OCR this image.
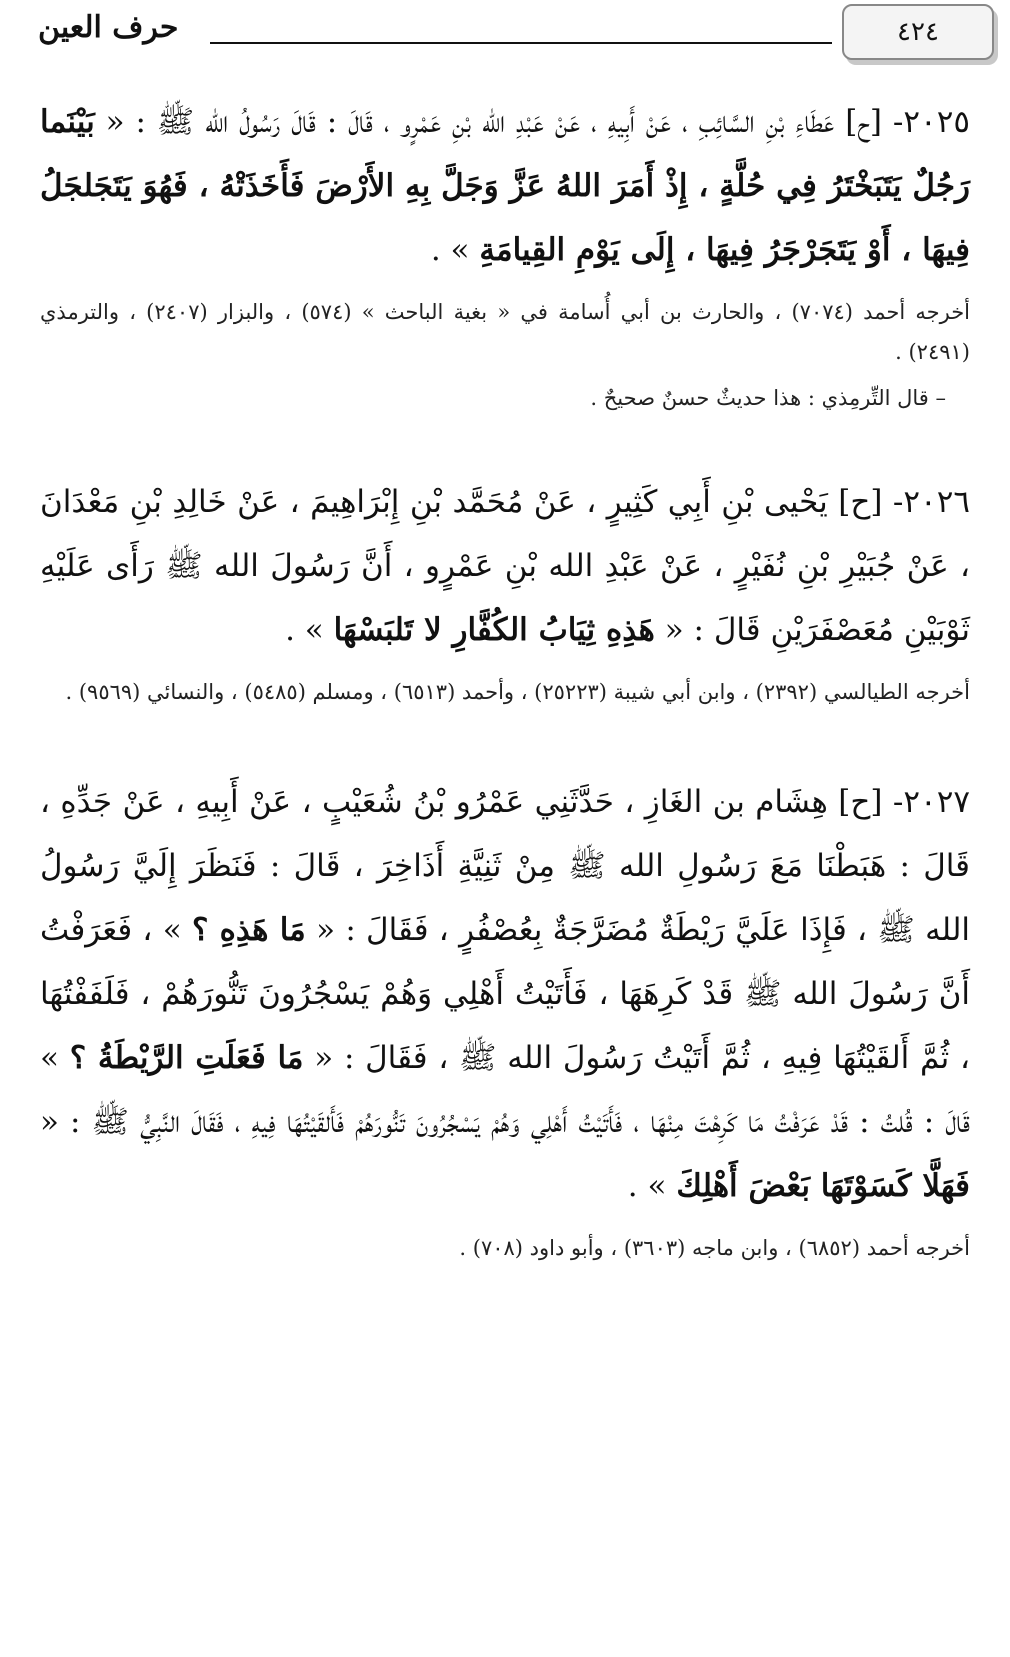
٤٢٤
حرف العين

٢٠٢٥- [ح] عَطَاءِ بْنِ السَّائِبِ ، عَنْ أَبِيهِ ، عَنْ عَبْدِ الله بْنِ عَمْرٍو ، قَالَ : قَالَ رَسُولُ الله ﷺ : « بَيْنَما رَجُلٌ يَتَبَخْتَرُ فِي حُلَّةٍ ، إِذْ أَمَرَ اللهُ عَزَّ وَجَلَّ بِهِ الأَرْضَ فَأَخَذَتْهُ ، فَهُوَ يَتَجَلجَلُ فِيهَا ، أَوْ يَتَجَرْجَرُ فِيهَا ، إِلَى يَوْمِ القِيامَةِ » .

أخرجه أحمد (٧٠٧٤) ، والحارث بن أبي أُسامة في « بغية الباحث » (٥٧٤) ، والبزار (٢٤٠٧) ، والترمذي (٢٤٩١) .

– قال التِّرمِذي : هذا حديثٌ حسنٌ صحيحٌ .

٢٠٢٦- [ح] يَحْيى بْنِ أَبِي كَثِيرٍ ، عَنْ مُحَمَّد بْنِ إِبْرَاهِيمَ ، عَنْ خَالِدِ بْنِ مَعْدَانَ ، عَنْ جُبَيْرِ بْنِ نُفَيْرٍ ، عَنْ عَبْدِ الله بْنِ عَمْرٍو ، أَنَّ رَسُولَ الله ﷺ رَأَى عَلَيْهِ ثَوْبَيْنِ مُعَصْفَرَيْنِ قَالَ : « هَذِهِ ثِيَابُ الكُفَّارِ لا تَلبَسْهَا » .

أخرجه الطيالسي (٢٣٩٢) ، وابن أبي شيبة (٢٥٢٢٣) ، وأحمد (٦٥١٣) ، ومسلم (٥٤٨٥) ، والنسائي (٩٥٦٩) .

٢٠٢٧- [ح] هِشَام بن الغَازِ ، حَدَّثَنِي عَمْرُو بْنُ شُعَيْبٍ ، عَنْ أَبِيهِ ، عَنْ جَدِّهِ ، قَالَ : هَبَطْنَا مَعَ رَسُولِ الله ﷺ مِنْ ثَنِيَّةِ أَذَاخِرَ ، قَالَ : فَنَظَرَ إِلَيَّ رَسُولُ الله ﷺ ، فَإِذَا عَلَيَّ رَيْطَةٌ مُضَرَّجَةٌ بِعُصْفُرٍ ، فَقَالَ : « مَا هَذِهِ ؟ » ، فَعَرَفْتُ أَنَّ رَسُولَ الله ﷺ قَدْ كَرِهَهَا ، فَأَتَيْتُ أَهْلِي وَهُمْ يَسْجُرُونَ تَنُّورَهُمْ ، فَلَفَفْتُهَا ، ثُمَّ أَلقَيْتُهَا فِيهِ ، ثُمَّ أَتَيْتُ رَسُولَ الله ﷺ ، فَقَالَ : « مَا فَعَلَتِ الرَّيْطَةُ ؟ » قَالَ : قُلتُ : قَدْ عَرَفْتُ مَا كَرِهْتَ مِنْهَا ، فَأَتَيْتُ أَهْلِي وَهُمْ يَسْجُرُونَ تَنُّورَهُمْ فَأَلقَيْتُهَا فِيهِ ، فَقَالَ النَّبِيُّ ﷺ : « فَهَلَّا كَسَوْتَهَا بَعْضَ أَهْلِكَ » .

أخرجه أحمد (٦٨٥٢) ، وابن ماجه (٣٦٠٣) ، وأبو داود (٧٠٨) .
